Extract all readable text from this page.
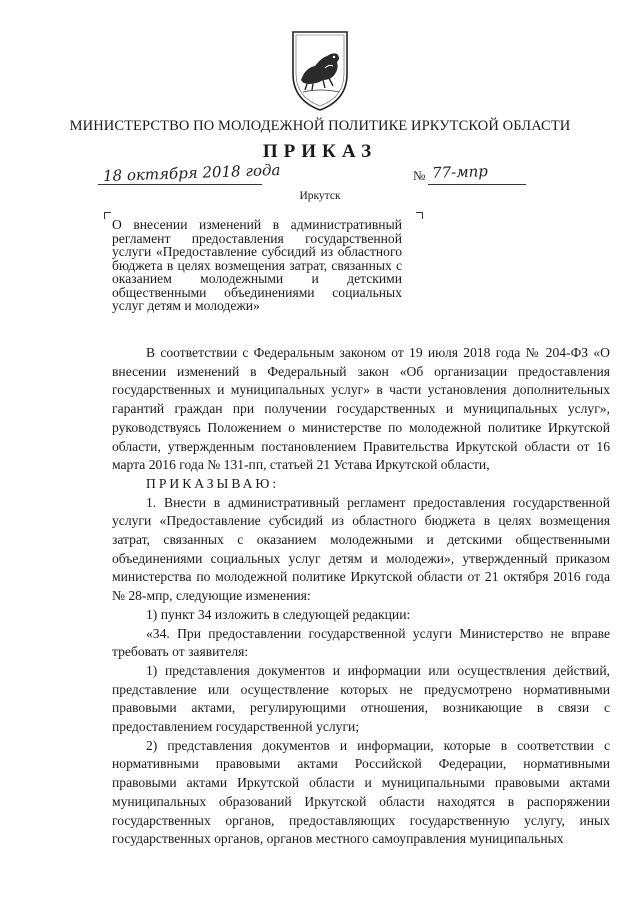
МИНИСТЕРСТВО ПО МОЛОДЕЖНОЙ ПОЛИТИКЕ ИРКУТСКОЙ ОБЛАСТИ
ПРИКАЗ
18 октября 2018 года	№ 77-мпр
Иркутск
О внесении изменений в административный регламент предоставления государственной услуги «Предоставление субсидий из областного бюджета в целях возмещения затрат, связанных с оказанием молодежными и детскими общественными объединениями социальных услуг детям и молодежи»

В соответствии с Федеральным законом от 19 июля 2018 года № 204-ФЗ «О внесении изменений в Федеральный закон «Об организации предоставления государственных и муниципальных услуг» в части установления дополнительных гарантий граждан при получении государственных и муниципальных услуг», руководствуясь Положением о министерстве по молодежной политике Иркутской области, утвержденным постановлением Правительства Иркутской области от 16 марта 2016 года № 131-пп, статьей 21 Устава Иркутской области,

ПРИКАЗЫВАЮ:

1. Внести в административный регламент предоставления государственной услуги «Предоставление субсидий из областного бюджета в целях возмещения затрат, связанных с оказанием молодежными и детскими общественными объединениями социальных услуг детям и молодежи», утвержденный приказом министерства по молодежной политике Иркутской области от 21 октября 2016 года № 28-мпр, следующие изменения:

1) пункт 34 изложить в следующей редакции:

«34. При предоставлении государственной услуги Министерство не вправе требовать от заявителя:

1) представления документов и информации или осуществления действий, представление или осуществление которых не предусмотрено нормативными правовыми актами, регулирующими отношения, возникающие в связи с предоставлением государственной услуги;

2) представления документов и информации, которые в соответствии с нормативными правовыми актами Российской Федерации, нормативными правовыми актами Иркутской области и муниципальными правовыми актами муниципальных образований Иркутской области находятся в распоряжении государственных органов, предоставляющих государственную услугу, иных государственных органов, органов местного самоуправления муниципальных
